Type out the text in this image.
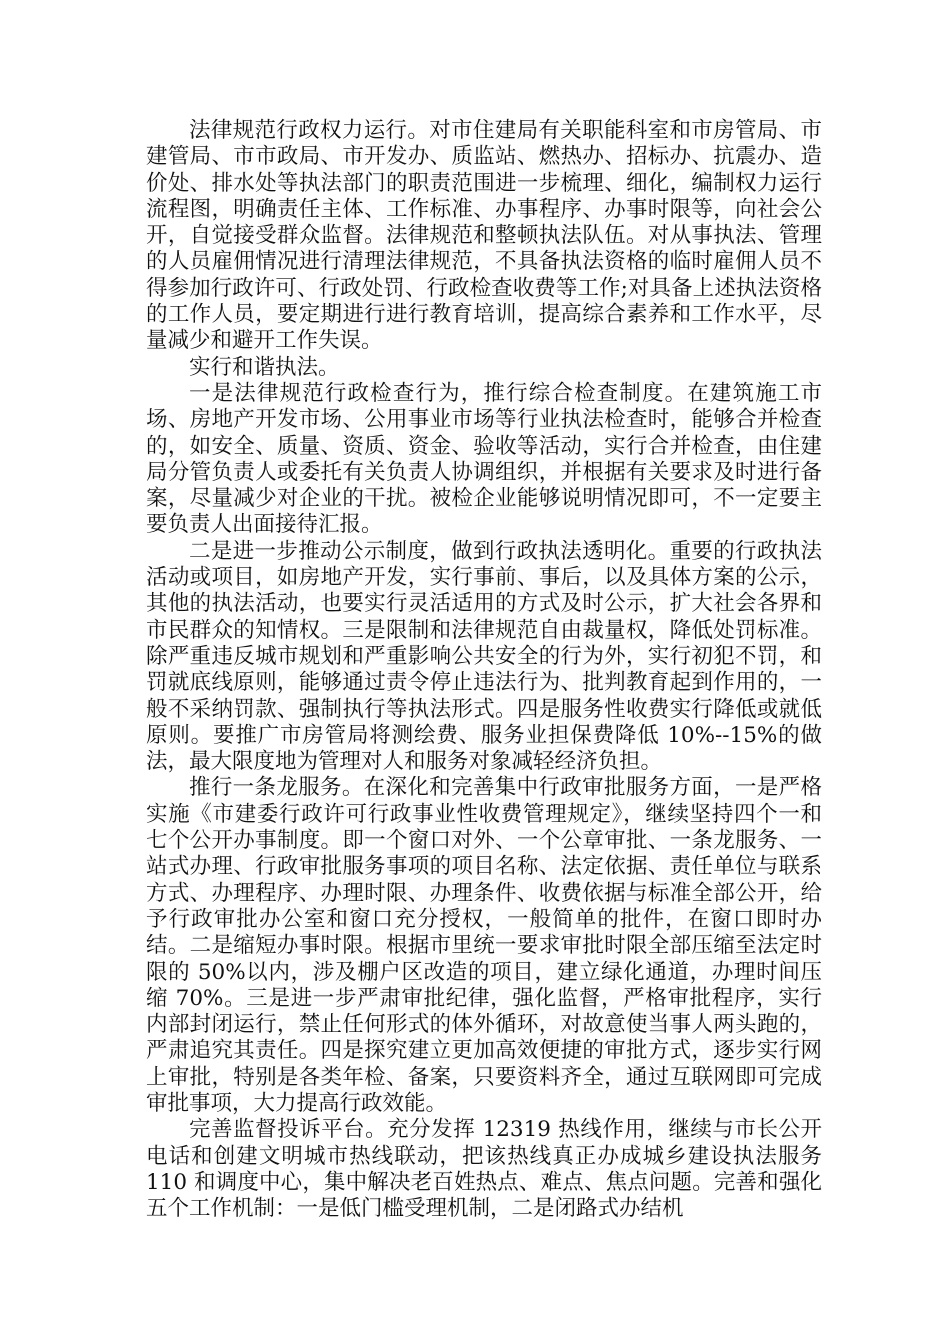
法律规范行政权力运行。对市住建局有关职能科室和市房管局、市建管局、市市政局、市开发办、质监站、燃热办、招标办、抗震办、造价处、排水处等执法部门的职责范围进一步梳理、细化，编制权力运行流程图，明确责任主体、工作标准、办事程序、办事时限等，向社会公开，自觉接受群众监督。法律规范和整顿执法队伍。对从事执法、管理的人员雇佣情况进行清理法律规范，不具备执法资格的临时雇佣人员不得参加行政许可、行政处罚、行政检查收费等工作;对具备上述执法资格的工作人员，要定期进行进行教育培训，提高综合素养和工作水平，尽量减少和避开工作失误。

实行和谐执法。

一是法律规范行政检查行为，推行综合检查制度。在建筑施工市场、房地产开发市场、公用事业市场等行业执法检查时，能够合并检查的，如安全、质量、资质、资金、验收等活动，实行合并检查，由住建局分管负责人或委托有关负责人协调组织，并根据有关要求及时进行备案，尽量减少对企业的干扰。被检企业能够说明情况即可，不一定要主要负责人出面接待汇报。

二是进一步推动公示制度，做到行政执法透明化。重要的行政执法活动或项目，如房地产开发，实行事前、事后，以及具体方案的公示，其他的执法活动，也要实行灵活适用的方式及时公示，扩大社会各界和市民群众的知情权。三是限制和法律规范自由裁量权，降低处罚标准。除严重违反城市规划和严重影响公共安全的行为外，实行初犯不罚，和罚就底线原则，能够通过责令停止违法行为、批判教育起到作用的，一般不采纳罚款、强制执行等执法形式。四是服务性收费实行降低或就低原则。要推广市房管局将测绘费、服务业担保费降低 10%--15%的做法，最大限度地为管理对人和服务对象减轻经济负担。

推行一条龙服务。在深化和完善集中行政审批服务方面，一是严格实施《市建委行政许可行政事业性收费管理规定》，继续坚持四个一和七个公开办事制度。即一个窗口对外、一个公章审批、一条龙服务、一站式办理、行政审批服务事项的项目名称、法定依据、责任单位与联系方式、办理程序、办理时限、办理条件、收费依据与标准全部公开，给予行政审批办公室和窗口充分授权，一般简单的批件，在窗口即时办结。二是缩短办事时限。根据市里统一要求审批时限全部压缩至法定时限的 50%以内，涉及棚户区改造的项目，建立绿化通道，办理时间压缩 70%。三是进一步严肃审批纪律，强化监督，严格审批程序，实行内部封闭运行，禁止任何形式的体外循环，对故意使当事人两头跑的，严肃追究其责任。四是探究建立更加高效便捷的审批方式，逐步实行网上审批，特别是各类年检、备案，只要资料齐全，通过互联网即可完成审批事项，大力提高行政效能。

完善监督投诉平台。充分发挥 12319 热线作用，继续与市长公开电话和创建文明城市热线联动，把该热线真正办成城乡建设执法服务 110 和调度中心，集中解决老百姓热点、难点、焦点问题。完善和强化五个工作机制：一是低门槛受理机制，二是闭路式办结机
